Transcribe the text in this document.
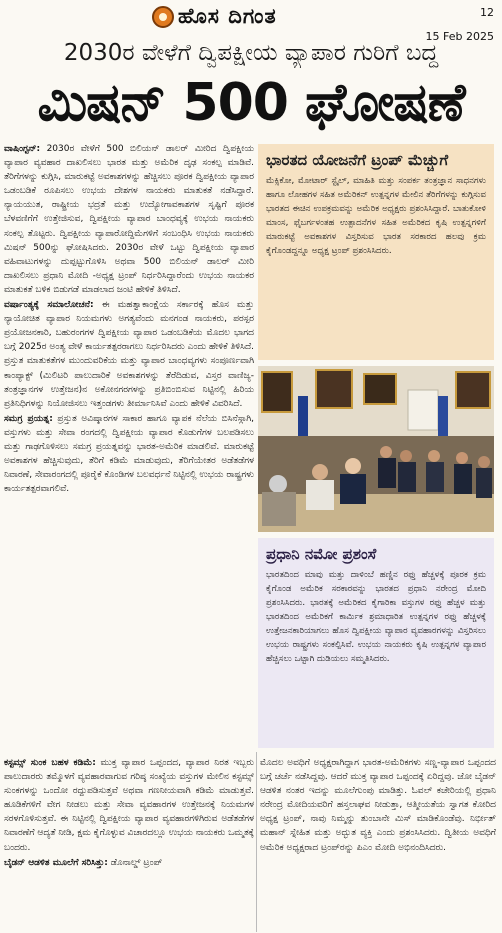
ಹೊಸ ದಿಗಂತ	12
15 Feb 2025
2030ರ ವೇಳೆಗೆ ದ್ವಿಪಕ್ಷೀಯ ವ್ಯಾಪಾರ ಗುರಿಗೆ ಬದ್ಧ
ಮಿಷನ್ 500 ಘೋಷಣೆ

ವಾಷಿಂಗ್ಟನ್: 2030ರ ವೇಳೆಗೆ 500 ಬಿಲಿಯನ್ ಡಾಲರ್ ಮೀರಿದ ದ್ವಿಪಕ್ಷೀಯ ವ್ಯಾಪಾರ ವ್ಯವಹಾರ ದಾಖಲಿಸಲು ಭಾರತ ಮತ್ತು ಅಮೆರಿಕ ದೃಢ ಸಂಕಲ್ಪ ಮಾಡಿವೆ. ತೆರಿಗೆಗಳನ್ನು ಕುಗ್ಗಿಸಿ, ಮಾರುಕಟ್ಟೆ ಅವಕಾಶಗಳನ್ನು ಹೆಚ್ಚಿಸಲು ಪೂರಕ ದ್ವಿಪಕ್ಷೀಯ ವ್ಯಾಪಾರ ಒಡಂಬಡಿಕೆ ರೂಪಿಸಲು ಉಭಯ ದೇಶಗಳ ನಾಯಕರು ಮಾತುಕತೆ ನಡೆಸಿದ್ದಾರೆ. ನ್ಯಾಯಯುತ, ರಾಷ್ಟ್ರೀಯ ಭದ್ರತೆ ಮತ್ತು ಉದ್ಯೋಗಾವಕಾಶಗಳ ಸೃಷ್ಟಿಗೆ ಪೂರಕ ಬೆಳವಣಿಗೆಗೆ ಉತ್ತೇಜಿಸುವ, ದ್ವಿಪಕ್ಷೀಯ ವ್ಯಾಪಾರ ಬಾಂಧವ್ಯಕ್ಕೆ ಉಭಯ ನಾಯಕರು ಸಂಕಲ್ಪ ತೊಟ್ಟರು. ದ್ವಿಪಕ್ಷೀಯ ವ್ಯಾಪಾರೋದ್ದಿಮೆಗಳಿಗೆ ಸಂಬಂಧಿಸಿ ಉಭಯ ನಾಯಕರು ಮಿಷನ್ 500ನ್ನು ಘೋಷಿಸಿದರು. 2030ರ ವೇಳೆ ಒಟ್ಟು ದ್ವಿಪಕ್ಷೀಯ ವ್ಯಾಪಾರ ವಹಿವಾಟುಗಳನ್ನು ದುಪ್ಪಟ್ಟುಗೊಳಿಸಿ ಅಥವಾ 500 ಬಿಲಿಯನ್ ಡಾಲರ್ ಮೀರಿ ದಾಖಲಿಸಲು ಪ್ರಧಾನಿ ಮೋದಿ -ಅಧ್ಯಕ್ಷ ಟ್ರಂಪ್ ನಿರ್ಧರಿಸಿದ್ದಾರೆಂದು ಉಭಯ ನಾಯಕರ ಮಾತುಕತೆ ಬಳಿಕ ಬಿಡುಗಡೆ ಮಾಡಲಾದ ಜಂಟಿ ಹೇಳಿಕೆ ತಿಳಿಸಿದೆ.

ವರ್ಷಾಂತ್ಯಕ್ಕೆ ಸಮಾಲೋಚನೆ: ಈ ಮಹತ್ವಾಕಾಂಕ್ಷೆಯ ಸರ್ಕಾರಕ್ಕೆ ಹೊಸ ಮತ್ತು ನ್ಯಾಯೋಚಿತ ವ್ಯಾಪಾರ ನಿಯಮಗಳು ಅಗತ್ಯವೆಂದು ಮನಗಂಡ ನಾಯಕರು, ಪರಸ್ಪರ ಪ್ರಯೋಜನಕಾರಿ, ಬಹುರಂಗಗಳ ದ್ವಿಪಕ್ಷೀಯ ವ್ಯಾಪಾರ ಒಡಂಬಡಿಕೆಯ ಮೊದಲ ಭಾಗದ ಬಗ್ಗೆ 2025ರ ಅಂತ್ಯ ವೇಳೆ ಕಾರ್ಯತತ್ಪರರಾಗಲು ನಿರ್ಧರಿಸಿದರು ಎಂದು ಹೇಳಿಕೆ ತಿಳಿಸಿದೆ. ಪ್ರಸ್ತುತ ಮಾತುಕತೆಗಳ ಮುಂದುವರಿಕೆಯ ಮತ್ತು ವ್ಯಾಪಾರ ಬಾಂಧವ್ಯಗಳು ಸಂಪೂರ್ಣವಾಗಿ ಕಾಂಪ್ಯಾಕ್ಟ್ (ಮಿಲಿಟರಿ ಪಾಲುದಾರಿಕೆ ಅವಕಾಶಗಳನ್ನು ತೆರೆದಿಡುವ, ವಿಸ್ತರ ವಾಣಿಜ್ಯ-ತಂತ್ರಜ್ಞಾನಗಳ ಉತ್ತೇಜನ)ನ ಅಕೋನಗರಗಳನ್ನು ಪ್ರತಿಬಿಂಬಿಸುವ ನಿಟ್ಟಿನಲ್ಲಿ ಹಿರಿಯ ಪ್ರತಿನಿಧಿಗಳನ್ನು ನಿಯೋಜಿಸಲು ಇತ್ತಂಡಗಳು ತೀರ್ಮಾನಿಸಿವೆ ಎಂದು ಹೇಳಿಕೆ ವಿವರಿಸಿದೆ.

ಸಮಗ್ರ ಪ್ರಯತ್ನ: ಪ್ರಸ್ತುತ ಅವಿಷ್ಕಾರಗಳ ಸಾಕಾರ ಹಾಗೂ ವ್ಯಾಪಕ ನೆಲೆಯ ಬಿಸಿನೆಸ್ಗಾಗಿ, ವಸ್ತುಗಳು ಮತ್ತು ಸೇವಾ ರಂಗದಲ್ಲಿ ದ್ವಿಪಕ್ಷೀಯ ವ್ಯಾಪಾರ ಕೊಡುಗೆಗಳ ಬಲಪಡಿಸಲು ಮತ್ತು ಗಾಢಗೊಳಿಸಲು ಸಮಗ್ರ ಪ್ರಯತ್ನವನ್ನು ಭಾರತ-ಅಮೆರಿಕ ಮಾಡಲಿವೆ. ಮಾರುಕಟ್ಟೆ ಅವಕಾಶಗಳ ಹೆಚ್ಚಿಸುವುದು, ತೆರಿಗೆ ಕಡಿಮೆ ಮಾಡುವುದು, ತೆರಿಗೆಯೇತರ ಅಡೆತಡೆಗಳ ನಿವಾರಣೆ, ಸೇವಾರಂಗದಲ್ಲಿ ಪೂರೈಕೆ ಕೊಂಡಿಗಳ ಬಲವರ್ಧನೆ ನಿಟ್ಟಿನಲ್ಲಿ ಉಭಯ ರಾಷ್ಟ್ರಗಳು ಕಾರ್ಯತತ್ಪರವಾಗಲಿವೆ.

ಭಾರತದ ಯೋಜನೆಗೆ ಟ್ರಂಪ್ ಮೆಚ್ಚುಗೆ
ಮೆಕ್ಸಿಕೋ, ಮೋಟಾರ್ ಸ್ಟೈಲ್, ಮಾಹಿತಿ ಮತ್ತು ಸಂಪರ್ಕ ತಂತ್ರಜ್ಞಾನ ಸಾಧನಗಳು ಹಾಗೂ ಲೋಹಗಳ ಸಹಿತ ಅಮೆರಿಕನ್ ಉತ್ಪನ್ನಗಳ ಮೇಲಿನ ತೆರಿಗೆಗಳನ್ನು ಕುಗ್ಗಿಸುವ ಭಾರತದ ಈಚಿನ ಉಪಕ್ರಮವನ್ನು ಅಮೆರಿಕ ಅಧ್ಯಕ್ಷರು ಪ್ರಶಂಸಿಸಿದ್ದಾರೆ. ಬಾತುಕೋಳಿ ಮಾಂಸ, ಫೈಬರ್ಗಳಂತಹ ಉತ್ಪಾದನೆಗಳ ಸಹಿತ ಅಮೆರಿಕದ ಕೃಷಿ ಉತ್ಪನ್ನಗಳಿಗೆ ಮಾರುಕಟ್ಟೆ ಅವಕಾಶಗಳ ವಿಸ್ತರಿಸುವ ಭಾರತ ಸರಕಾರದ ಹಲವು ಕ್ರಮ ಕೈಗೊಂಡದ್ದನ್ನೂ ಅಧ್ಯಕ್ಷ ಟ್ರಂಪ್ ಪ್ರಶಂಸಿಸಿದರು.
ಪ್ರಧಾನಿ ನಮೋ ಪ್ರಶಂಸೆ
ಭಾರತದಿಂದ ಮಾವು ಮತ್ತು ದಾಳಿಂಬೆ ಹಣ್ಣಿನ ರಫ್ತು ಹೆಚ್ಚಳಕ್ಕೆ ಪೂರಕ ಕ್ರಮ ಕೈಗೊಂಡ ಅಮೆರಿಕ ಸರಕಾರವನ್ನು ಭಾರತದ ಪ್ರಧಾನಿ ನರೇಂದ್ರ ಮೋದಿ ಪ್ರಶಂಸಿಸಿದರು. ಭಾರತಕ್ಕೆ ಅಮೆರಿಕದ ಕೈಗಾರಿಕಾ ವಸ್ತುಗಳ ರಫ್ತು ಹೆಚ್ಚಳ ಮತ್ತು ಭಾರತದಿಂದ ಅಮೆರಿಕಗೆ ಕಾರ್ಮಿಕ ಶ್ರಮಾಧಾರಿತ ಉತ್ಪನ್ನಗಳ ರಫ್ತು ಹೆಚ್ಚಳಕ್ಕೆ ಉತ್ತೇಜನಕಾರಿಯಾಗಲು ಹೊಸ ದ್ವಿಪಕ್ಷೀಯ ವ್ಯಾಪಾರ ವ್ಯವಹಾರಗಳನ್ನು ವಿಸ್ತರಿಸಲು ಉಭಯ ರಾಷ್ಟ್ರಗಳು ಸಂಕಲ್ಪಿಸಿವೆ. ಉಭಯ ನಾಯಕರು ಕೃಷಿ ಉತ್ಪನ್ನಗಳ ವ್ಯಾಪಾರ ಹೆಚ್ಚಿಸಲು ಒಟ್ಟಾಗಿ ದುಡಿಯಲು ಸಮ್ಮತಿಸಿದರು.

ಕಸ್ಟಮ್ಸ್ ಸುಂಕ ಬಹಳ ಕಡಿಮೆ: ಮುಕ್ತ ವ್ಯಾಪಾರ ಒಪ್ಪಂದದ, ವ್ಯಾಪಾರ ನಿರತ ಇಬ್ಬರು ಪಾಲುದಾರರು ತಮ್ಮೊಳಗೆ ವ್ಯವಹಾರವಾಗುವ ಗರಿಷ್ಠ ಸಂಖ್ಯೆಯ ವಸ್ತುಗಳ ಮೇಲಿನ ಕಸ್ಟಮ್ಸ್ ಸುಂಕಗಳನ್ನು ಒಂದೋ ರದ್ದುಪಡಿಸುತ್ತವೆ ಅಥವಾ ಗಣನೀಯವಾಗಿ ಕಡಿಮೆ ಮಾಡುತ್ತವೆ. ಹೂಡಿಕೆಗಳಿಗೆ ವೇಗ ನೀಡಲು ಮತ್ತು ಸೇವಾ ವ್ಯವಹಾರಗಳ ಉತ್ತೇಜನಕ್ಕೆ ನಿಯಮಗಳ ಸರಳಗೊಳಿಸುತ್ತವೆ. ಈ ನಿಟ್ಟಿನಲ್ಲಿ ದ್ವಿಪಕ್ಷೀಯ ವ್ಯಾಪಾರ ವ್ಯವಹಾರಗಳಿಗಿರುವ ಅಡೆತಡೆಗಳ ನಿವಾರಣೆಗೆ ಆದ್ಯತೆ ನೀಡಿ, ಕ್ಷಮ ಕೈಗೊಳ್ಳುವ ವಿಚಾರದಲ್ಲೂ ಉಭಯ ನಾಯಕರು ಒಮ್ಮತಕ್ಕೆ ಬಂದರು.

ಬೈಡನ್ ಆಡಳಿತ ಮೂಲೆಗೆ ಸರಿಸಿತ್ತು: ಡೊನಾಲ್ಡ್ ಟ್ರಂಪ್

ಮೊದಲ ಅವಧಿಗೆ ಅಧ್ಯಕ್ಷರಾಗಿದ್ದಾಗ ಭಾರತ-ಅಮೆರಿಕಗಳು ಸಣ್ಣ-ವ್ಯಾಪಾರ ಒಪ್ಪಂದದ ಬಗ್ಗೆ ಚರ್ಚೆ ನಡೆಸಿದ್ದವು. ಆದರೆ ಮುಕ್ತ ವ್ಯಾಪಾರ ಒಪ್ಪಂದಕ್ಕೆ ಏರಿದ್ದವು. ಜೋ ಬೈಡನ್ ಆಡಳಿತ ನಂತರ ಇದನ್ನು ಮೂಲೆಗುಂಪು ಮಾಡಿತ್ತು. ಓವಲ್ ಕಚೇರಿಯಲ್ಲಿ ಪ್ರಧಾನಿ ನರೇಂದ್ರ ಮೋದಿಯವರಿಗೆ ಹಸ್ತಲಾಘವ ನೀಡುತ್ತಾ, ಆತ್ಮೀಯತೆಯ ಸ್ವಾಗತ ಕೋರಿದ ಅಧ್ಯಕ್ಷ ಟ್ರಂಪ್, ನಾವು ನಿಮ್ಮನ್ನು ತುಂಬಾನೇ ಮಿಸ್ ಮಾಡಿಕೊಂಡೆವು. ನಿರ್ಭೀತ್ ಮಹಾನ್ ಸ್ನೇಹಿತ ಮತ್ತು ಅದ್ಭುತ ವ್ಯಕ್ತಿ ಎಂದು ಪ್ರಶಂಸಿಸಿದರು. ದ್ವಿತೀಯ ಅವಧಿಗೆ ಅಮೆರಿಕ ಅಧ್ಯಕ್ಷರಾದ ಟ್ರಂಪ್‌ರನ್ನು ಪಿಎಂ ಮೋದಿ ಅಭಿನಂದಿಸಿದರು.
